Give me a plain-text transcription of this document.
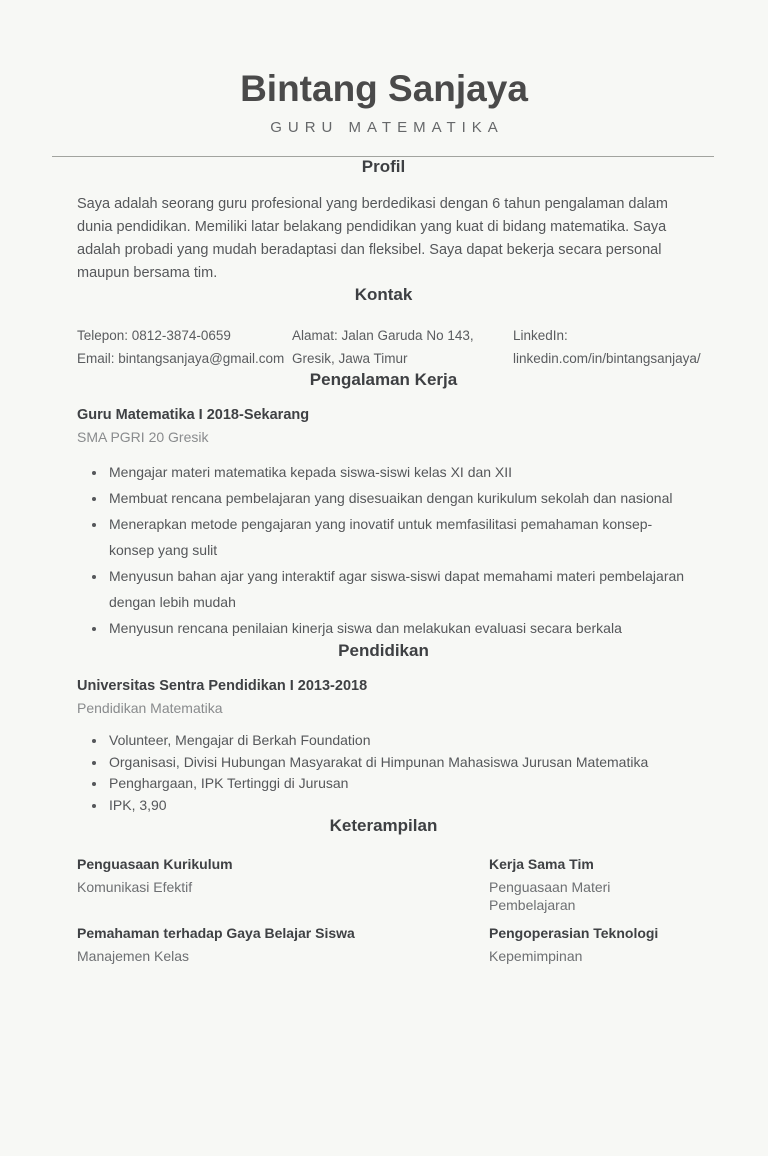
Bintang Sanjaya
GURU MATEMATIKA
Profil

Saya adalah seorang guru profesional yang berdedikasi dengan 6 tahun pengalaman dalam dunia pendidikan. Memiliki latar belakang pendidikan yang kuat di bidang matematika. Saya adalah probadi yang mudah beradaptasi dan fleksibel. Saya dapat bekerja secara personal maupun bersama tim.

Kontak
Telepon: 0812-3874-0659
Email: bintangsanjaya@gmail.com
Alamat: Jalan Garuda No 143, Gresik, Jawa Timur
LinkedIn:
linkedin.com/in/bintangsanjaya/
Pengalaman Kerja
Guru Matematika I 2018-Sekarang
SMA PGRI 20 Gresik
• Mengajar materi matematika kepada siswa-siswi kelas XI dan XII
• Membuat rencana pembelajaran yang disesuaikan dengan kurikulum sekolah dan nasional
• Menerapkan metode pengajaran yang inovatif untuk memfasilitasi pemahaman konsep-konsep yang sulit
• Menyusun bahan ajar yang interaktif agar siswa-siswi dapat memahami materi pembelajaran dengan lebih mudah
• Menyusun rencana penilaian kinerja siswa dan melakukan evaluasi secara berkala
Pendidikan
Universitas Sentra Pendidikan I 2013-2018
Pendidikan Matematika
• Volunteer, Mengajar di Berkah Foundation
• Organisasi, Divisi Hubungan Masyarakat di Himpunan Mahasiswa Jurusan Matematika
• Penghargaan, IPK Tertinggi di Jurusan
• IPK, 3,90
Keterampilan
Penguasaan Kurikulum
Komunikasi Efektif
Kerja Sama Tim
Penguasaan Materi Pembelajaran
Pemahaman terhadap Gaya Belajar Siswa
Manajemen Kelas
Pengoperasian Teknologi
Kepemimpinan
